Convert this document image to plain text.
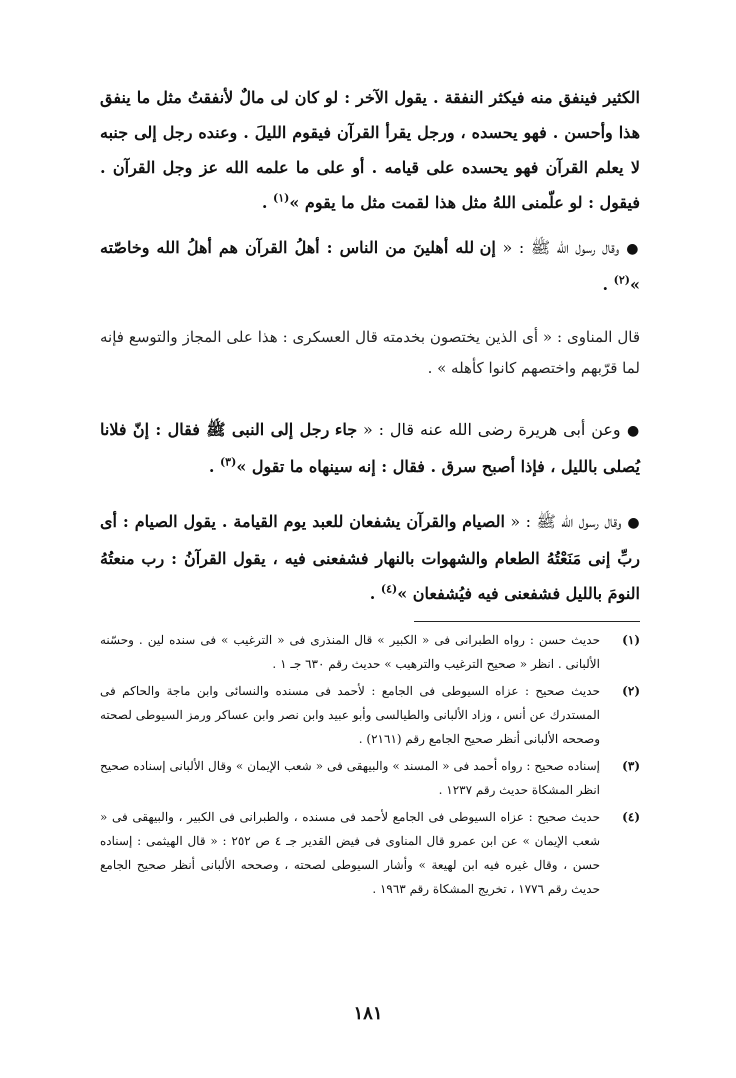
الكثير فينفق منه فيكثر النفقة . يقول الآخر : لو كان لى مالٌ لأنفقتُ مثل ما ينفق هذا وأحسن . فهو يحسده ، ورجل يقرأ القرآن فيقوم الليلَ . وعنده رجل إلى جنبه لا يعلم القرآن فهو يحسده على قيامه . أو على ما علمه الله عز وجل القرآن . فيقول : لو علّمنى اللهُ مثل هذا لقمت مثل ما يقوم »$^{(١)}$ .

● وقال رسول الله ﷺ : « إن لله أهلينَ من الناس : أهلُ القرآن هم أهلُ الله وخاصّته »$^{(٢)}$ .

قال المناوى : « أى الذين يختصون بخدمته قال العسكرى : هذا على المجاز والتوسع فإنه لما قرّبهم واختصهم كانوا كأهله » .

● وعن أبى هريرة رضى الله عنه قال : « جاء رجل إلى النبى ﷺ فقال : إنّ فلانا يُصلى بالليل ، فإذا أصبح سرق . فقال : إنه سينهاه ما تقول »$^{(٣)}$ .

● وقال رسول الله ﷺ : « الصيام والقرآن يشفعان للعبد يوم القيامة . يقول الصيام : أى ربِّ إنى مَنَعْتُهُ الطعام والشهوات بالنهار فشفعنى فيه ، يقول القرآنُ : رب منعتُهُ النومَ بالليل فشفعنى فيه فيُشفعان »$^{(٤)}$ .

(١)
حديث حسن : رواه الطبرانى فى « الكبير » قال المنذرى فى « الترغيب » فى سنده لين . وحسّنه الألبانى . انظر « صحيح الترغيب والترهيب » حديث رقم ٦٣٠ جـ ١ .
(٢)
حديث صحيح : عزاه السيوطى فى الجامع : لأحمد فى مسنده والنسائى وابن ماجة والحاكم فى المستدرك عن أنس ، وزاد الألبانى والطيالسى وأبو عبيد وابن نصر وابن عساكر ورمز السيوطى لصحته وصححه الألبانى أنظر صحيح الجامع رقم (٢١٦١) .
(٣)
إسناده صحيح : رواه أحمد فى « المسند » والبيهقى فى « شعب الإيمان » وقال الألبانى إسناده صحيح انظر المشكاة حديث رقم ١٢٣٧ .
(٤)
حديث صحيح : عزاه السيوطى فى الجامع لأحمد فى مسنده ، والطبرانى فى الكبير ، والبيهقى فى « شعب الإيمان » عن ابن عمرو قال المناوى فى فيض القدير جـ ٤ ص ٢٥٢ : « قال الهيثمى : إسناده حسن ، وقال غيره فيه ابن لهيعة » وأشار السيوطى لصحته ، وصححه الألبانى أنظر صحيح الجامع حديث رقم ١٧٧٦ ، تخريج المشكاة رقم ١٩٦٣ .
١٨١
